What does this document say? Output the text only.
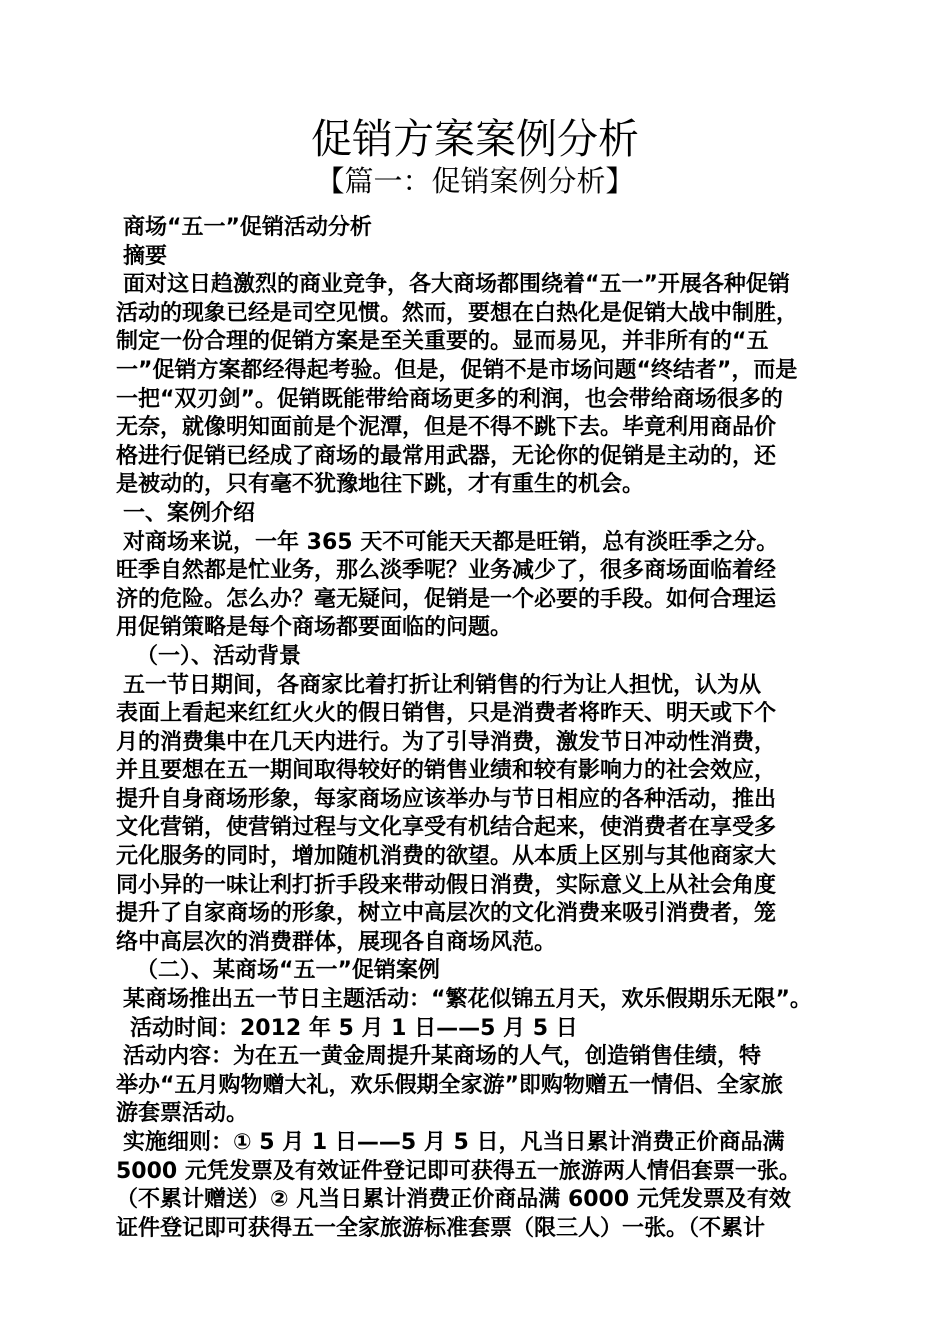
促销方案案例分析
【篇一：促销案例分析】
商场“五一”促销活动分析
摘要
面对这日趋激烈的商业竞争，各大商场都围绕着“五一”开展各种促销
活动的现象已经是司空见惯。然而，要想在白热化是促销大战中制胜，
制定一份合理的促销方案是至关重要的。显而易见，并非所有的“五
一”促销方案都经得起考验。但是，促销不是市场问题“终结者”，而是
一把“双刃剑”。促销既能带给商场更多的利润，也会带给商场很多的
无奈，就像明知面前是个泥潭，但是不得不跳下去。毕竟利用商品价
格进行促销已经成了商场的最常用武器，无论你的促销是主动的，还
是被动的，只有毫不犹豫地往下跳，才有重生的机会。
一、案例介绍
对商场来说，一年 365 天不可能天天都是旺销，总有淡旺季之分。
旺季自然都是忙业务，那么淡季呢？业务减少了，很多商场面临着经
济的危险。怎么办？毫无疑问，促销是一个必要的手段。如何合理运
用促销策略是每个商场都要面临的问题。
（一）、活动背景
五一节日期间，各商家比着打折让利销售的行为让人担忧，认为从
表面上看起来红红火火的假日销售，只是消费者将昨天、明天或下个
月的消费集中在几天内进行。为了引导消费，激发节日冲动性消费，
并且要想在五一期间取得较好的销售业绩和较有影响力的社会效应，
提升自身商场形象，每家商场应该举办与节日相应的各种活动，推出
文化营销，使营销过程与文化享受有机结合起来，使消费者在享受多
元化服务的同时，增加随机消费的欲望。从本质上区别与其他商家大
同小异的一味让利打折手段来带动假日消费，实际意义上从社会角度
提升了自家商场的形象，树立中高层次的文化消费来吸引消费者，笼
络中高层次的消费群体，展现各自商场风范。
（二）、某商场“五一”促销案例
某商场推出五一节日主题活动：“繁花似锦五月天，欢乐假期乐无限”。
活动时间：2012 年 5 月 1 日——5 月 5 日
活动内容：为在五一黄金周提升某商场的人气，创造销售佳绩，特
举办“五月购物赠大礼，欢乐假期全家游”即购物赠五一情侣、全家旅
游套票活动。
实施细则：① 5 月 1 日——5 月 5 日，凡当日累计消费正价商品满
5000 元凭发票及有效证件登记即可获得五一旅游两人情侣套票一张。
（不累计赠送）② 凡当日累计消费正价商品满 6000 元凭发票及有效
证件登记即可获得五一全家旅游标准套票（限三人）一张。（不累计
